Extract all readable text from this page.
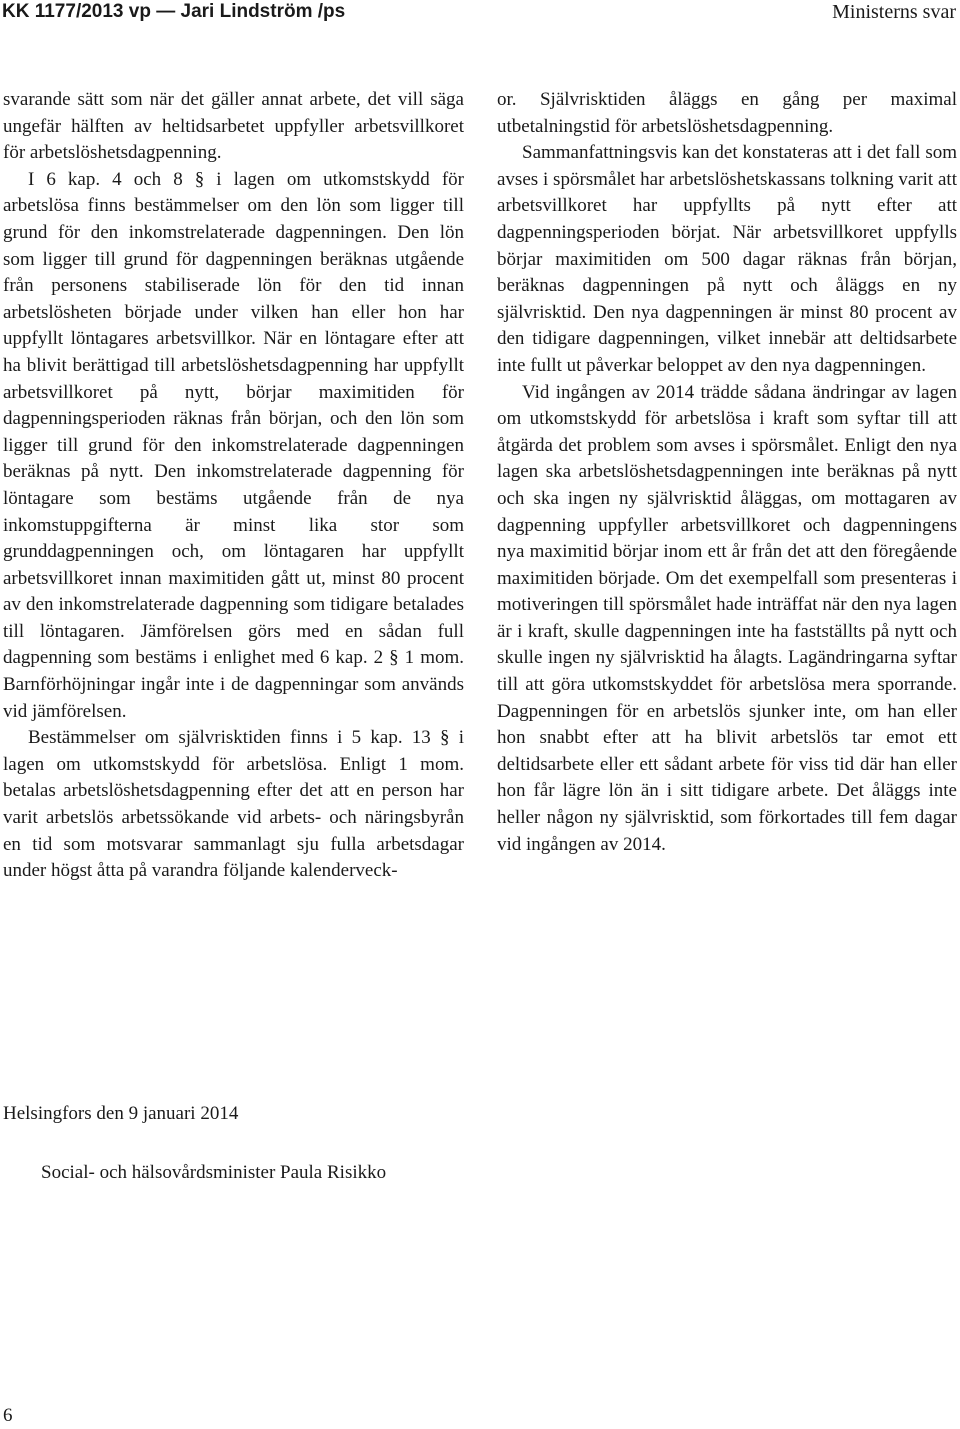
KK 1177/2013 vp — Jari Lindström /ps	Ministerns svar

svarande sätt som när det gäller annat arbete, det vill säga ungefär hälften av heltidsarbetet uppfyller arbetsvillkoret för arbetslöshetsdagpenning.

I 6 kap. 4 och 8 § i lagen om utkomstskydd för arbetslösa finns bestämmelser om den lön som ligger till grund för den inkomstrelaterade dagpenningen. Den lön som ligger till grund för dagpenningen beräknas utgående från personens stabiliserade lön för den tid innan arbetslösheten började under vilken han eller hon har uppfyllt löntagares arbetsvillkor. När en löntagare efter att ha blivit berättigad till arbetslöshetsdagpenning har uppfyllt arbetsvillkoret på nytt, börjar maximitiden för dagpenningsperioden räknas från början, och den lön som ligger till grund för den inkomstrelaterade dagpenningen beräknas på nytt. Den inkomstrelaterade dagpenning för löntagare som bestäms utgående från de nya inkomstuppgifterna är minst lika stor som grunddagpenningen och, om löntagaren har uppfyllt arbetsvillkoret innan maximitiden gått ut, minst 80 procent av den inkomstrelaterade dagpenning som tidigare betalades till löntagaren. Jämförelsen görs med en sådan full dagpenning som bestäms i enlighet med 6 kap. 2 § 1 mom. Barnförhöjningar ingår inte i de dagpenningar som används vid jämförelsen.

Bestämmelser om självrisktiden finns i 5 kap. 13 § i lagen om utkomstskydd för arbetslösa. Enligt 1 mom. betalas arbetslöshetsdagpenning efter det att en person har varit arbetslös arbetssökande vid arbets- och näringsbyrån en tid som motsvarar sammanlagt sju fulla arbetsdagar under högst åtta på varandra följande kalenderveck-

or. Självrisktiden åläggs en gång per maximal utbetalningstid för arbetslöshetsdagpenning.

Sammanfattningsvis kan det konstateras att i det fall som avses i spörsmålet har arbetslöshetskassans tolkning varit att arbetsvillkoret har uppfyllts på nytt efter att dagpenningsperioden börjat. När arbetsvillkoret uppfylls börjar maximitiden om 500 dagar räknas från början, beräknas dagpenningen på nytt och åläggs en ny självrisktid. Den nya dagpenningen är minst 80 procent av den tidigare dagpenningen, vilket innebär att deltidsarbete inte fullt ut påverkar beloppet av den nya dagpenningen.

Vid ingången av 2014 trädde sådana ändringar av lagen om utkomstskydd för arbetslösa i kraft som syftar till att åtgärda det problem som avses i spörsmålet. Enligt den nya lagen ska arbetslöshetsdagpenningen inte beräknas på nytt och ska ingen ny självrisktid åläggas, om mottagaren av dagpenning uppfyller arbetsvillkoret och dagpenningens nya maximitid börjar inom ett år från det att den föregående maximitiden började. Om det exempelfall som presenteras i motiveringen till spörsmålet hade inträffat när den nya lagen är i kraft, skulle dagpenningen inte ha fastställts på nytt och skulle ingen ny självrisktid ha ålagts. Lagändringarna syftar till att göra utkomstskyddet för arbetslösa mera sporrande. Dagpenningen för en arbetslös sjunker inte, om han eller hon snabbt efter att ha blivit arbetslös tar emot ett deltidsarbete eller ett sådant arbete för viss tid där han eller hon får lägre lön än i sitt tidigare arbete. Det åläggs inte heller någon ny självrisktid, som förkortades till fem dagar vid ingången av 2014.

Helsingfors den 9 januari 2014
Social- och hälsovårdsminister Paula Risikko
6
